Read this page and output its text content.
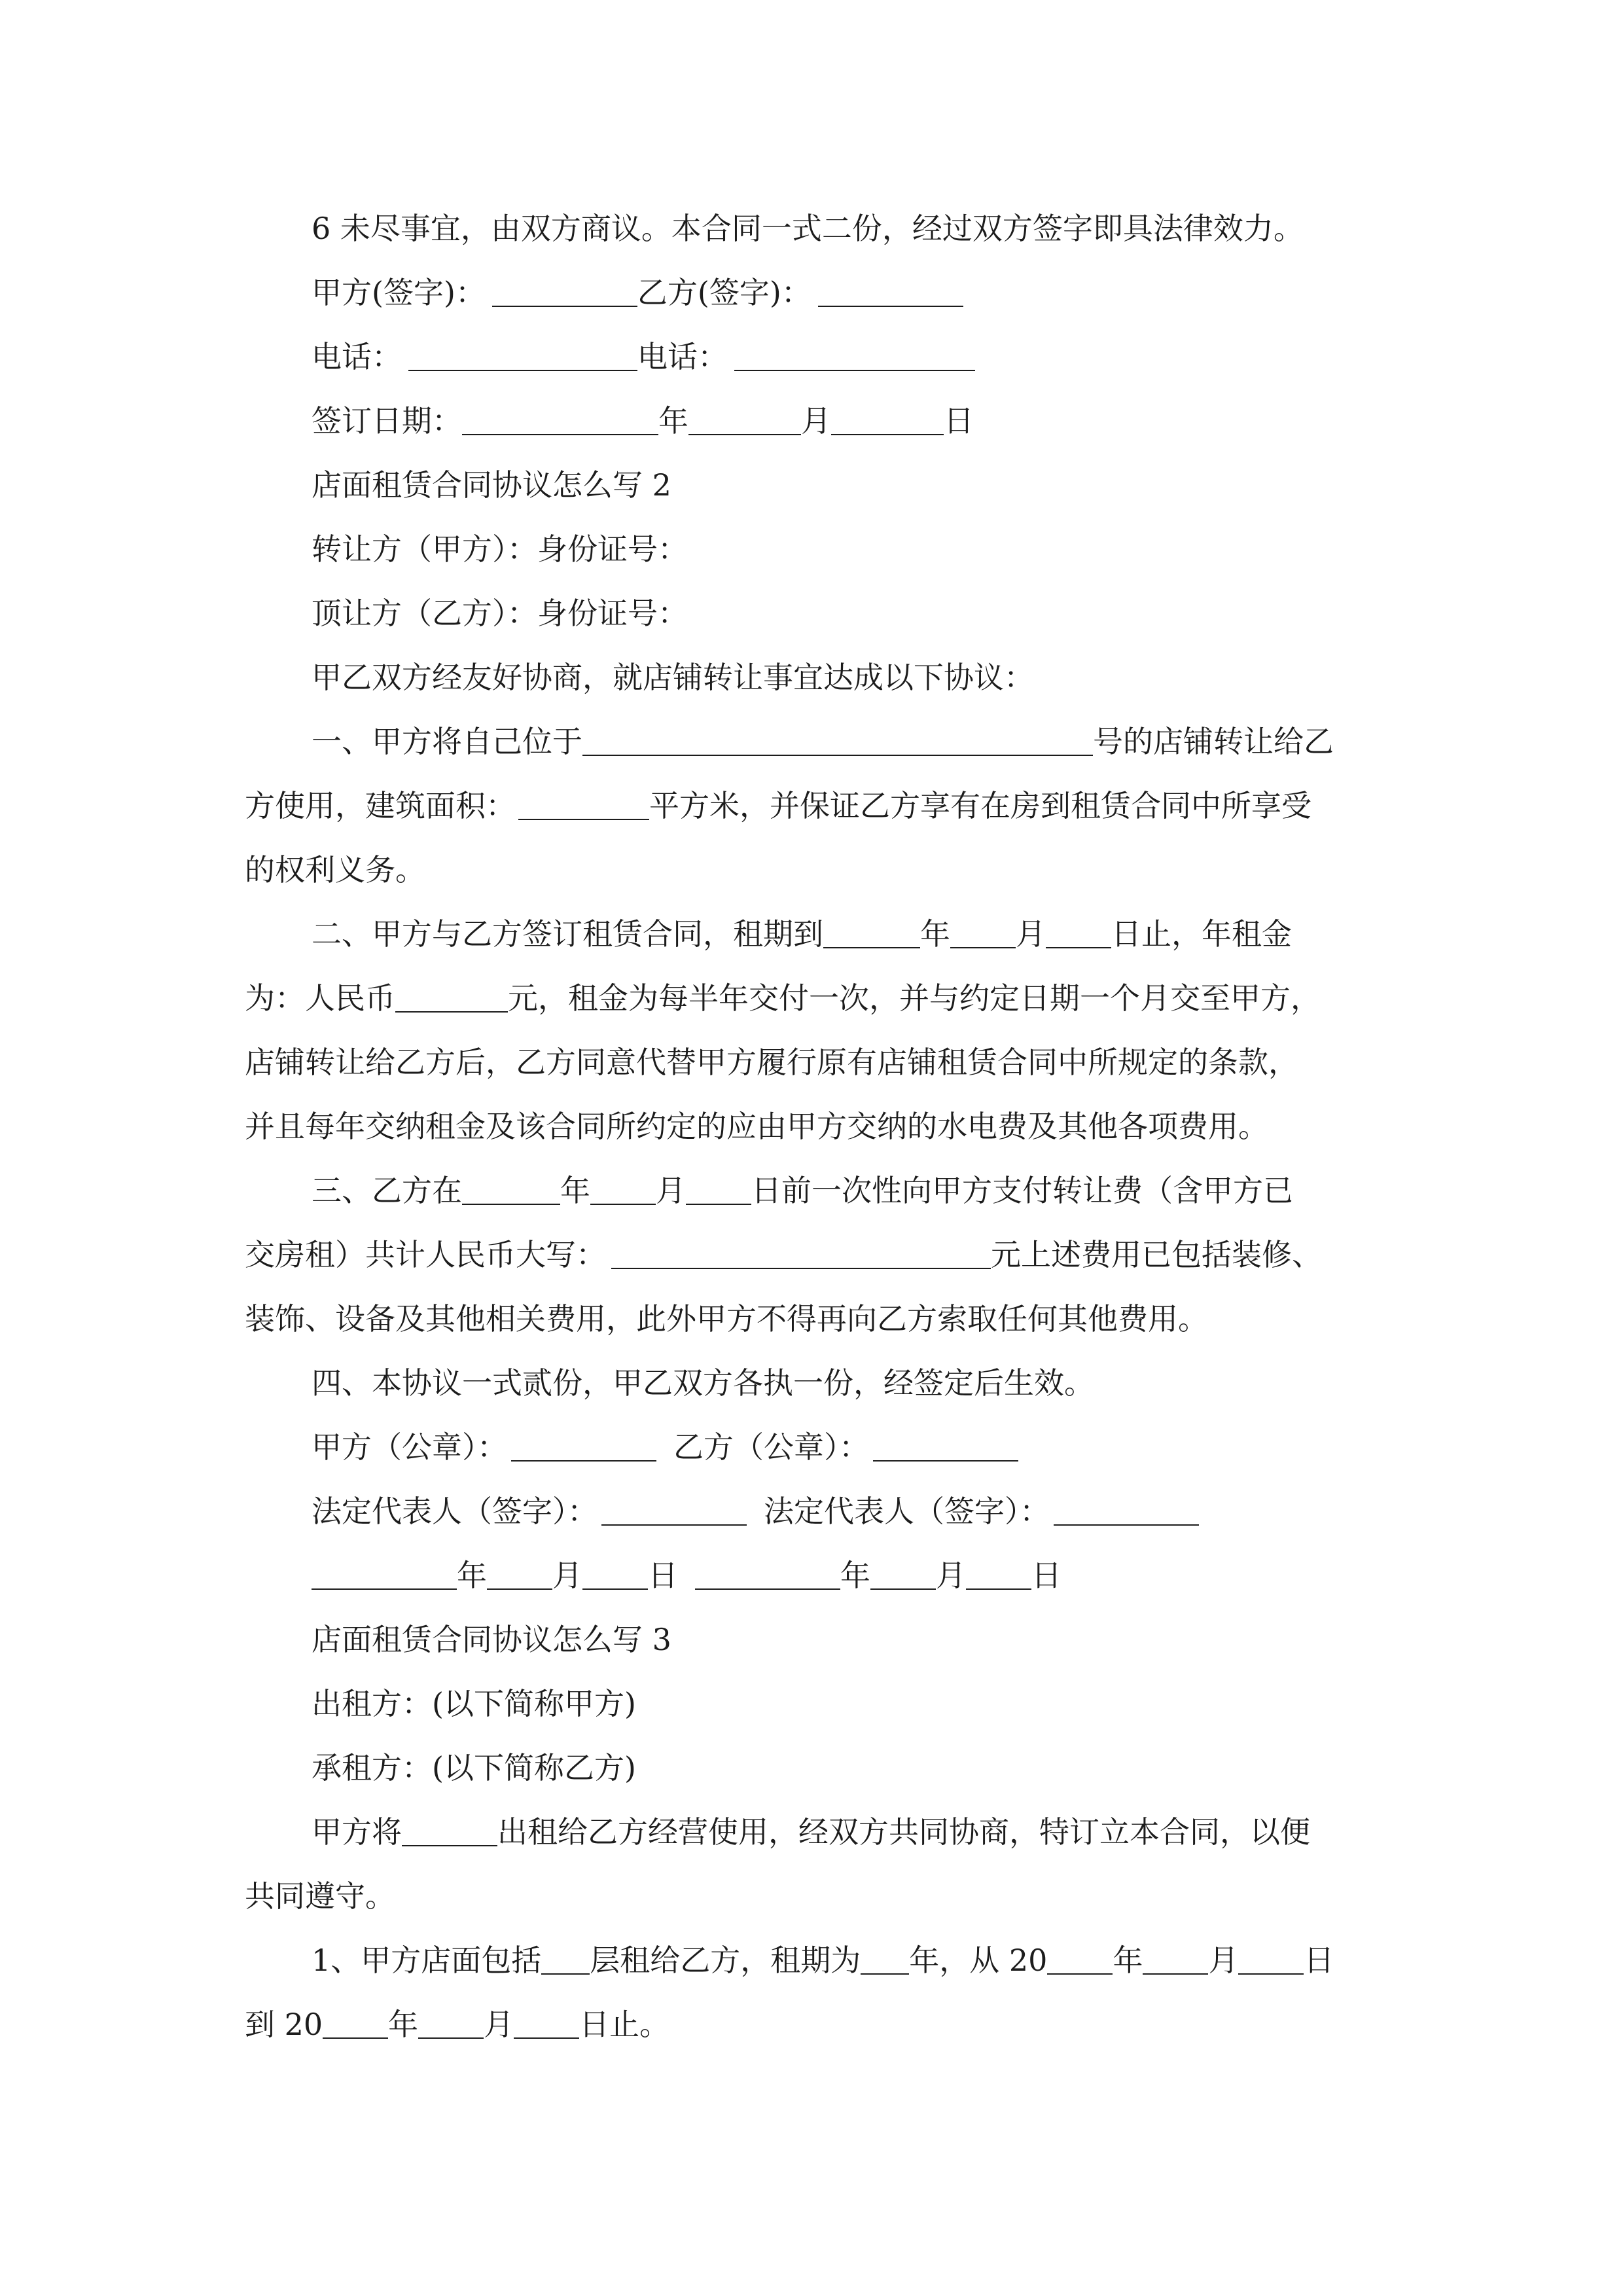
6 未尽事宜，由双方商议。本合同一式二份，经过双方签字即具法律效力。
甲方(签字)：	乙方(签字)：
电话：	电话：
签订日期：	年	月	日
店面租赁合同协议怎么写 2
转让方（甲方）：身份证号：
顶让方（乙方）：身份证号：
甲乙双方经友好协商，就店铺转让事宜达成以下协议：
一、甲方将自己位于	号的店铺转让给乙
方使用，建筑面积：	平方米，并保证乙方享有在房到租赁合同中所享受
的权利义务。
二、甲方与乙方签订租赁合同，租期到	年 月 日止，年租金
为：人民币	元，租金为每半年交付一次，并与约定日期一个月交至甲方，
店铺转让给乙方后，乙方同意代替甲方履行原有店铺租赁合同中所规定的条款，
并且每年交纳租金及该合同所约定的应由甲方交纳的水电费及其他各项费用。
三、乙方在	年 月 日前一次性向甲方支付转让费（含甲方已
交房租）共计人民币大写：	元上述费用已包括装修、
装饰、设备及其他相关费用，此外甲方不得再向乙方索取任何其他费用。
四、本协议一式贰份，甲乙双方各执一份，经签定后生效。
甲方（公章）：	乙方（公章）：
法定代表人（签字）：	法定代表人（签字）：
年 月 日	年 月 日
店面租赁合同协议怎么写 3
出租方：(以下简称甲方)
承租方：(以下简称乙方)
甲方将	出租给乙方经营使用，经双方共同协商，特订立本合同，以便
共同遵守。
1、甲方店面包括 层租给乙方，租期为 年，从 20 年 月 日
到 20 年 月 日止。
